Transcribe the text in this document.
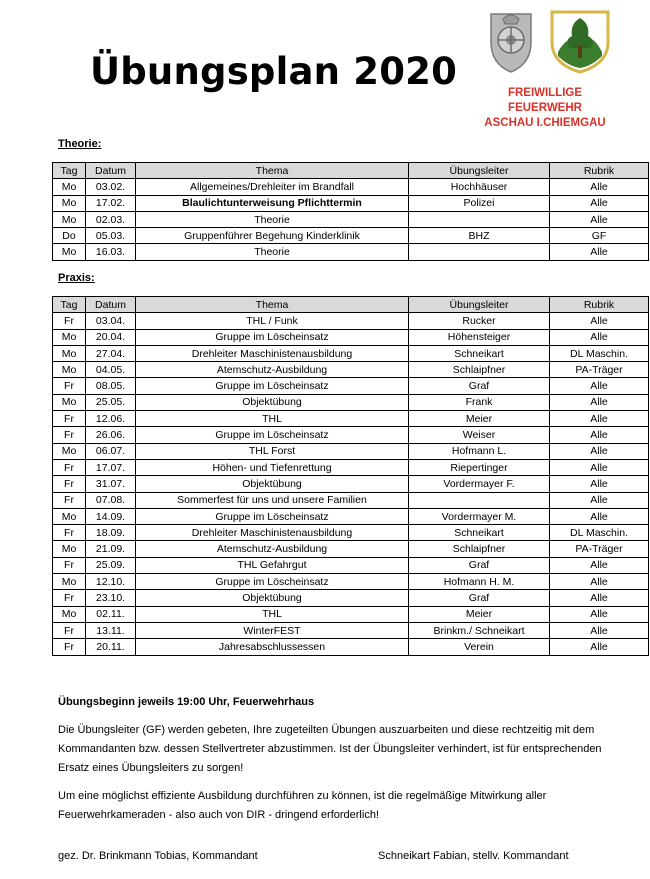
Übungsplan 2020	FREIWILLIGE
FEUERWEHR
ASCHAU I.CHIEMGAU
Theorie:
Tag	Datum	Thema	Übungsleiter	Rubrik
Mo	03.02.	Allgemeines/Drehleiter im Brandfall	Hochhäuser	Alle
Mo	17.02.	Blaulichtunterweisung Pflichttermin	Polizei	Alle
Mo	02.03.	Theorie		Alle
Do	05.03.	Gruppenführer Begehung Kinderklinik	BHZ	GF
Mo	16.03.	Theorie		Alle
Praxis:
Tag	Datum	Thema	Übungsleiter	Rubrik
Fr	03.04.	THL / Funk	Rucker	Alle
Mo	20.04.	Gruppe im Löscheinsatz	Höhensteiger	Alle
Mo	27.04.	Drehleiter Maschinistenausbildung	Schneikart	DL Maschin.
Mo	04.05.	Atemschutz-Ausbildung	Schlaipfner	PA-Träger
Fr	08.05.	Gruppe im Löscheinsatz	Graf	Alle
Mo	25.05.	Objektübung	Frank	Alle
Fr	12.06.	THL	Meier	Alle
Fr	26.06.	Gruppe im Löscheinsatz	Weiser	Alle
Mo	06.07.	THL Forst	Hofmann L.	Alle
Fr	17.07.	Höhen- und Tiefenrettung	Riepertinger	Alle
Fr	31.07.	Objektübung	Vordermayer F.	Alle
Fr	07.08.	Sommerfest für uns und unsere Familien		Alle
Mo	14.09.	Gruppe im Löscheinsatz	Vordermayer M.	Alle
Fr	18.09.	Drehleiter Maschinistenausbildung	Schneikart	DL Maschin.
Mo	21.09.	Atemschutz-Ausbildung	Schlaipfner	PA-Träger
Fr	25.09.	THL Gefahrgut	Graf	Alle
Mo	12.10.	Gruppe im Löscheinsatz	Hofmann H. M.	Alle
Fr	23.10.	Objektübung	Graf	Alle
Mo	02.11.	THL	Meier	Alle
Fr	13.11.	WinterFEST	Brinkm./ Schneikart	Alle
Fr	20.11.	Jahresabschlussessen	Verein	Alle

Übungsbeginn jeweils 19:00 Uhr, Feuerwehrhaus

Die Übungsleiter (GF) werden gebeten, Ihre zugeteilten Übungen auszuarbeiten und diese rechtzeitig mit dem Kommandanten bzw. dessen Stellvertreter abzustimmen. Ist der Übungsleiter verhindert, ist für entsprechenden Ersatz eines Übungsleiters zu sorgen!

Um eine möglichst effiziente Ausbildung durchführen zu können, ist die regelmäßige Mitwirkung aller Feuerwehrkameraden - also auch von DIR - dringend erforderlich!

gez. Dr. Brinkmann Tobias, Kommandant	Schneikart Fabian, stellv. Kommandant
